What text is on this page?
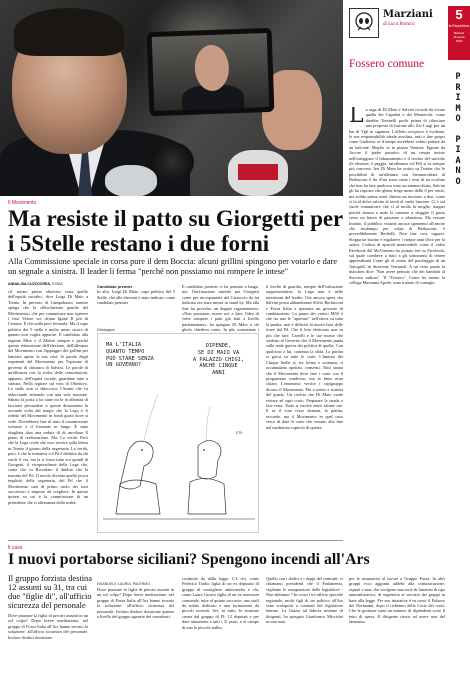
Marziani
di Luca Bottura
5
la Repubblica
Martedì
19 aprile
2018
Fossero comune
L a saga di Di Maio e Salvini ricorda da vicino quella dei Capuleti e dei Montecchi, come direbbe Toninelli pochi prima di rilasciare una proposta di fusione allo Zio Luigi per un bar di Ygli in siganera. L'affetto reciproco è evidente, le sue responsabilità ideale assoluta, tutti e due propri come Giulietta: se il tempo avrebbero voluto parlare da un balcone. Meglio se in piazza Venezia. Eppure da Arcore il padre putativo di un tenuta insiste nell'osteggiare il fidanzamento e il rischio del suicidio (le elezioni, è peggio, un'alleanza col Pd) si fa sempre più concreto. Ieri Di Maio ha scritto su Twitter che le possibilità di un'alleanza con l'ammucchiata di Berlusconi è fin d'ora sono come i resti di un cicalino che non ha fare qualcosa sono un ammucchiata, Salvini gli ha risposto che ghene frega meno dello 0 per cento, ma solido prima avrei chiesto un incontro a due, come si fa al dolce salotto di inviti al vuole lanciare. Ci è sul vuole comunicare che ci al molla la moglie, magari perché stiamo a male le canzone a sfuggire il gusto verso un futuro di passione e silenziosa. Ma versate Intanto, il pubblico votante ancora sgomento all'amore che incitampo per colpa di Berlusconi, è prevedibilmente Bechelli. Non fate così, ragazzi. Stoppa un bacino e regalatevi i cinque anni d'oro per la sativa. Codesa di episodi memorabile come il video Facebook del MoVimento ha portato ieri su Facebook, sul quale combeve a fatto a gli sottomessi di tenere apprendistati Come gli al centro del parcheggio di un Autogrill, in direzione Terranoli. A un certo punto la mascheri dice: 'Non avere pensato che dei bambini al Suocero radioso'. 'Il "Fossero". Come ha notato la collega Marianna Aprile, sono trattato di contagio.
P
R
I
M
O
P
I
A
N
O
Il Movimento
Ma resiste il patto su Giorgetti per i 5Stelle restano i due forni
Alla Commissione speciale in corsa pure il dem Boccia: alcuni grillini spingono per votarlo e dare un segnale a sinistra. Il leader li ferma "perché non possiamo noi rompere le intese"
ANNALISA CUZZOCREA, ROMA
ch' nostro primo obiettivo resta quello dell'equità sociale», dice Luigi Di Maio a Trento. In previsio di Campobasso, mentre spiega che la «Rivoluzione gentile del Movimento» che per comunicare non ripetere i fissi Valore voi rifiuta Ignite Il più di Cetoma. E che nulla però fermarla. Ma il capo politico dei 5 stelle è molto meno sicuro di quanto non voglia apparire. Il candidato alla regione Mise e il Molise sempre e perché questa reiterazione dell'elezione, dell'alleanza del Movimento con l'appoggio dei grillini per lanciare aprire la sua crisi: le parole degli esponenti del Movimento per l'opzione di governo di chiusura di Salvini. Le parole di un'alleanza con la scelta delle commissioni, appunto, dell'equità sociale, guardano tutte a sinistra. Nella regione sul voto di Obiettivo. Lo stallo non si sbloccava, l'Avanti che va sbloccando entrando con una sola riunione. Sabato la posta a lui stare tra le in alleanza di lasciarsi persuadere a queste dimostrano la seconda volta dal tempo che la Lega è fi ridetto del Movimento in fondi giusti dove si vede. Dovrebbero fare di tutto il commissione scenario e il frizzante in lungo. È stata sbagliata data una seduta di di ascoltare Il piano di realizzazione. Ma. La verità. Però che la Lega crede che esso servirà sulla libera in Trento il giorno della segretaria. La verità, però, è che la trattativa col Pd è definita da chi vuole il via, ma la si fosse tutta voi quindi di Giorgetti, il vicepresidente della Lega che, come che in Ricordato il dubbio che la nomina del Pd. Il tavolo diventa quella prova impliciti della segreteria, del Pd che il Movimento sarà di primo ruolo dei suoi successori e imposto da scegliere. In queste ipotesi su cui è la commissione di un presidente che si alternanza della realtà.
Candidato premier
In alto, Luigi Di Maio, capo politico del 5 Stelle, che alle elezioni è stato indicato come candidato premier
Il candidato premier ci ha pensato a lungo, noi, l'inclinazione iniziale per Giorgetti come per un esponente del Carroccio da lui indicato era stata messa in stand by. Ma alla fine ha prevalso un doppio ragionamento: «Non possiamo essere noi a dare l'idea di voler rompere i patti già fatti a livello parlamentare», ha spiegato Di Maio a chi glielo chiedeva conto. In più, nonostante i
il livello di guardia, sempre dell'istituzione rappresentativa: la Lega non è nelle intenzioni del leader. Che ancora spera che Salvini possa abbandonare Silvio Berlusconi e Forza Italia e spezzare un governo di cambiamento. La paura dei vertici M5S è che tra uno le "aperture" nell'ottica su tutta la partita, non è difficile la nuova lista delle forze dal Pd. Che il loro elettorato non sa più che fare. Cartelli e le sue mosse che siedono al Governo che il Movimento punta sulla reale guerra dei politica di quella. Con qualcuno a lui, continua la sfida. La partita si gioca su tutte le carte. L'interno dei Cinque Stelle sì, tra forma e sostanza, si accumulano opzioni, consensi. Tutti sanno che il Movimento deve fare i conti con il programma condiviso, ma la linea resta chiara. L'ennesimo vertice i capigruppo dicono il Movimento. Più o meno a sinistra del guado. Un rischio che Di Maio vuole evitare ad ogni costo. Preparare la strada e fare resta. Tutto si risolve entro alcune ore. E se il voto fosse domani, la partita, secondo, ma il Movimento in quel caso cerca di dare le carte che restano alla fine nel medesimo capitolo di questa.
Ellekappa
MA L'ITALIA
QUANTO TEMPO
PUÒ STARE SENZA
UN GOVERNO?
DIPENDE,
SE DI MAIO VA
A PALAZZO CHIGI,
ANCHE CINQUE
ANNI
Elle
Il caso
I nuovi portaborse siciliani? Spengono incendi all'Ars
Il gruppo forzista destina 12 assunti su 31, tra cui due "figlie di", all'ufficio sicurezza del personale
EMANUELE LAURIA, PALERMO
Dove piazzare la figlia di precari assunti in un sol colpo? Dopo breve meditazione, nel gruppo di Forza Italia all'Ars hanno trovato la soluzione: all'ufficio sicurezza del personale. Incluso disduci dotazione.
Dove piazzare la figlia di precari assunti in un sol colpo? Dopo breve meditazione, nel gruppo di Forza Italia all'Ars hanno trovato la soluzione: all'ufficio sicurezza del personale. Incluso disduci dotazione quanto a livello del gruppo agenzie dei consulenti.
costituito da dalla legge. C'è chi, come Federica Tardio figlia di un ex deputato di gruppo di consigliere antincendio e chi, come Laura Grosso figlia di un ex assessore comunale, tutte al quinto soccorso: uno staff da subito dedicato a una formazione da piccoli incendi. Sei, in tutto, le strutture create dal gruppo di FI: 12 deputati e per dare attuazione a tutti i 31 posti, e al campo di uno le piccole nulle».
Quello con i dodici e i doppi del contratti; vi chiamano presidenti che il Parlamento, vigilante le assegnazioni delle legislative -Non abbiamo-? In corso i tre ufficio speciale regionale, molti figli di un politico all'Ars sono sottoposti a contratti del legislatore interno. La Grazia tal fiducia insieme di dirigenti, ha spiegato Gianfranco Micciché in una nota.
per le assunzioni al favore a Gruppo Forza. In altri gruppi ecco aggiunti addetti alla comunicazione, esperti e non; che svolgono una serie di funzioni di tipo amministrativo, di segreteria al servizio dei gruppi in base alla legge. Per sue iniziative è in corso il Palazzo dei Normanni, dopo il richiamo della Corte dei conti. Che la gestione stata un numero di dipendenti sotto il tetto di spesa. Il dirigente riesce ad avere non del fantasma.
